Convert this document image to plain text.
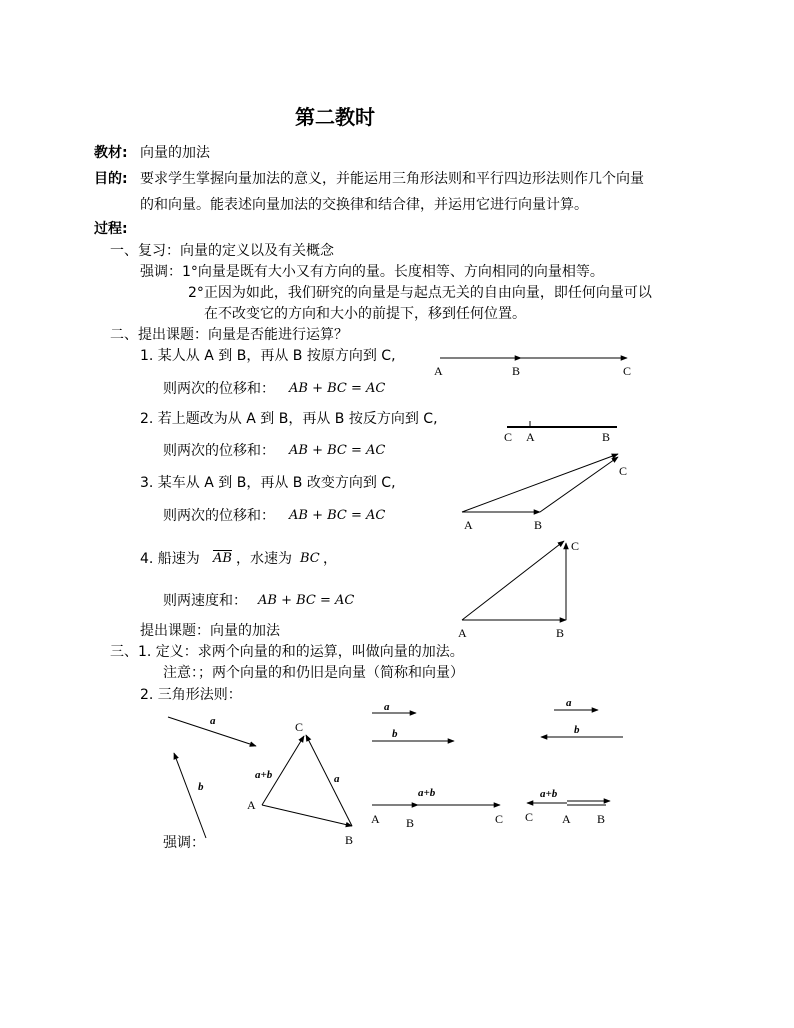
第二教时
教材: 向量的加法
目的: 要求学生掌握向量加法的意义，并能运用三角形法则和平行四边形法则作几个向量
的和向量。能表述向量加法的交换律和结合律，并运用它进行向量计算。
过程:
一、复习：向量的定义以及有关概念
强调：1°向量是既有大小又有方向的量。长度相等、方向相同的向量相等。
2°正因为如此，我们研究的向量是与起点无关的自由向量，即任何向量可以
在不改变它的方向和大小的前提下，移到任何位置。
二、提出课题：向量是否能进行运算？
1. 某人从 A 到 B，再从 B 按原方向到 C,
则两次的位移和： AB + BC = AC
2. 若上题改为从 A 到 B，再从 B 按反方向到 C,
则两次的位移和： AB + BC = AC
3. 某车从 A 到 B，再从 B 改变方向到 C,
则两次的位移和： AB + BC = AC
4. 船速为 $\overline{AB}$ ，水速为 BC ，
则两速度和： AB + BC = AC
提出课题：向量的加法
三、1. 定义：求两个向量的和的运算，叫做向量的加法。
注意：；两个向量的和仍旧是向量（简称和向量）
2. 三角形法则：
强调：
A	B	C
C A	B
A	B
C
A	B
C
a
b
C
A
B
a+b	a
a
b
a+b
A B	C
a
b
a+b
C A B
